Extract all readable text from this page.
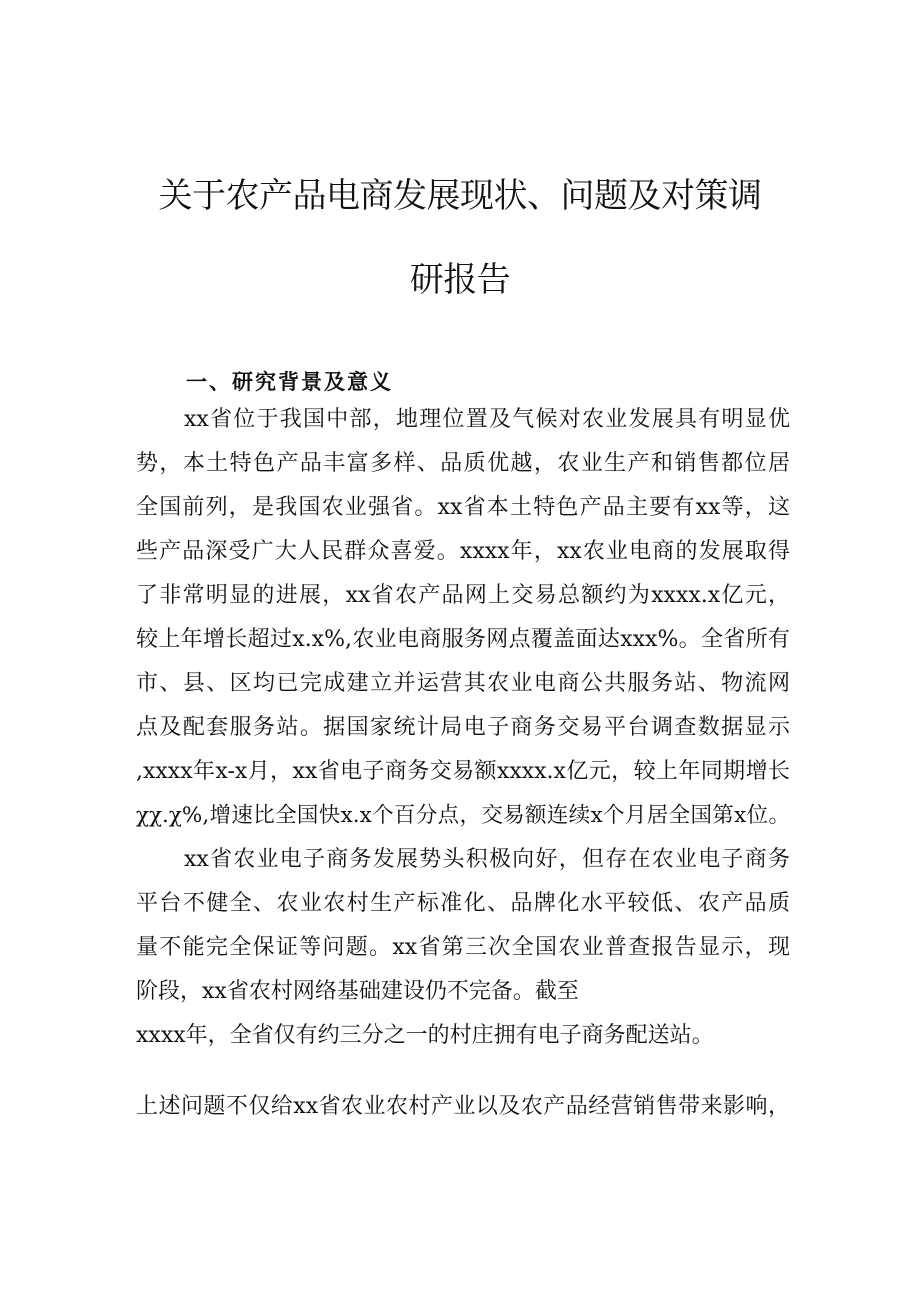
关于农产品电商发展现状、问题及对策调
研报告
一、研究背景及意义
xx省位于我国中部，地理位置及气候对农业发展具有明显优
势，本土特色产品丰富多样、品质优越，农业生产和销售都位居
全国前列，是我国农业强省。xx省本土特色产品主要有xx等，这
些产品深受广大人民群众喜爱。xxxx年，xx农业电商的发展取得
了非常明显的进展，xx省农产品网上交易总额约为xxxx.x亿元，
较上年增长超过x.x%,农业电商服务网点覆盖面达xxx%。全省所有
市、县、区均已完成建立并运营其农业电商公共服务站、物流网
点及配套服务站。据国家统计局电子商务交易平台调查数据显示
,xxxx年x-x月，xx省电子商务交易额xxxx.x亿元，较上年同期增长
χχ.χ%,增速比全国快x.x个百分点，交易额连续x个月居全国第x位。
xx省农业电子商务发展势头积极向好，但存在农业电子商务
平台不健全、农业农村生产标准化、品牌化水平较低、农产品质
量不能完全保证等问题。xx省第三次全国农业普查报告显示，现
阶段，xx省农村网络基础建设仍不完备。截至
xxxx年，全省仅有约三分之一的村庄拥有电子商务配送站。
上述问题不仅给xx省农业农村产业以及农产品经营销售带来影响，
